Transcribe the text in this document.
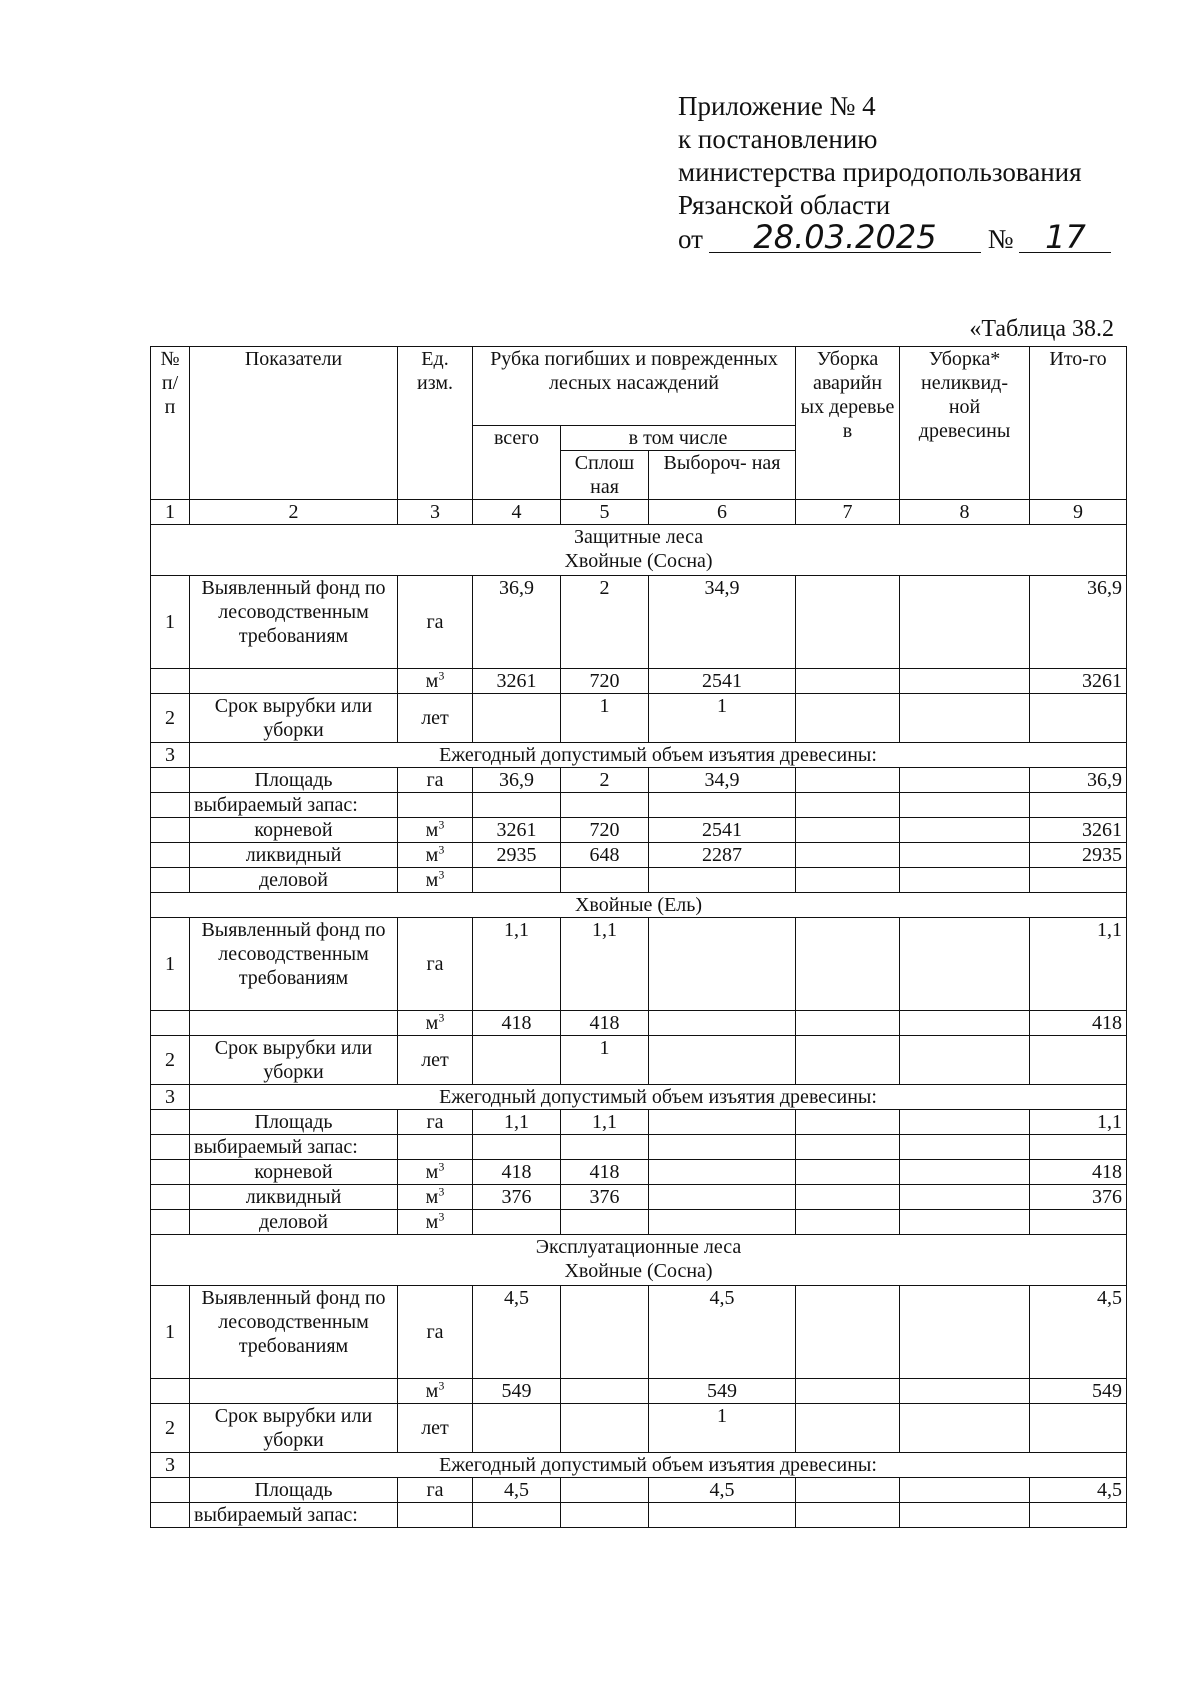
Приложение № 4
к постановлению
министерства природопользования
Рязанской области
от 28.03.2025 № 17
«Таблица 38.2
№ п/ п	Показатели	Ед. изм.	Рубка погибших и поврежденных лесных насаждений			Уборка аварийн ых деревье в	Уборка* неликвид- ной древесины	Ито-го
			всего	в том числе				
				Сплош ная	Выбороч- ная			
1	2	3	4	5	6	7	8	9

Защитные леса
Хвойные (Сосна)								

1	Выявленный фонд по лесоводственным требованиям	га	36,9	2	34,9			36,9
		$м^3$	3261	720	2541			3261
2	Срок вырубки или уборки	лет		1	1			
3	Ежегодный допустимый объем изъятия древесины:							
	Площадь	га	36,9	2	34,9			36,9
	выбираемый запас:							
	корневой	$м^3$	3261	720	2541			3261
	ликвидный	$м^3$	2935	648	2287			2935
	деловой	$м^3$						

Хвойные (Ель)								

1	Выявленный фонд по лесоводственным требованиям	га	1,1	1,1				1,1
		$м^3$	418	418				418
2	Срок вырубки или уборки	лет		1				
3	Ежегодный допустимый объем изъятия древесины:							
	Площадь	га	1,1	1,1				1,1
	выбираемый запас:							
	корневой	$м^3$	418	418				418
	ликвидный	$м^3$	376	376				376
	деловой	$м^3$						

Эксплуатационные леса
Хвойные (Сосна)								

1	Выявленный фонд по лесоводственным требованиям	га	4,5		4,5			4,5
		$м^3$	549		549			549
2	Срок вырубки или уборки	лет			1			
3	Ежегодный допустимый объем изъятия древесины:							
	Площадь	га	4,5		4,5			4,5
	выбираемый запас:							
